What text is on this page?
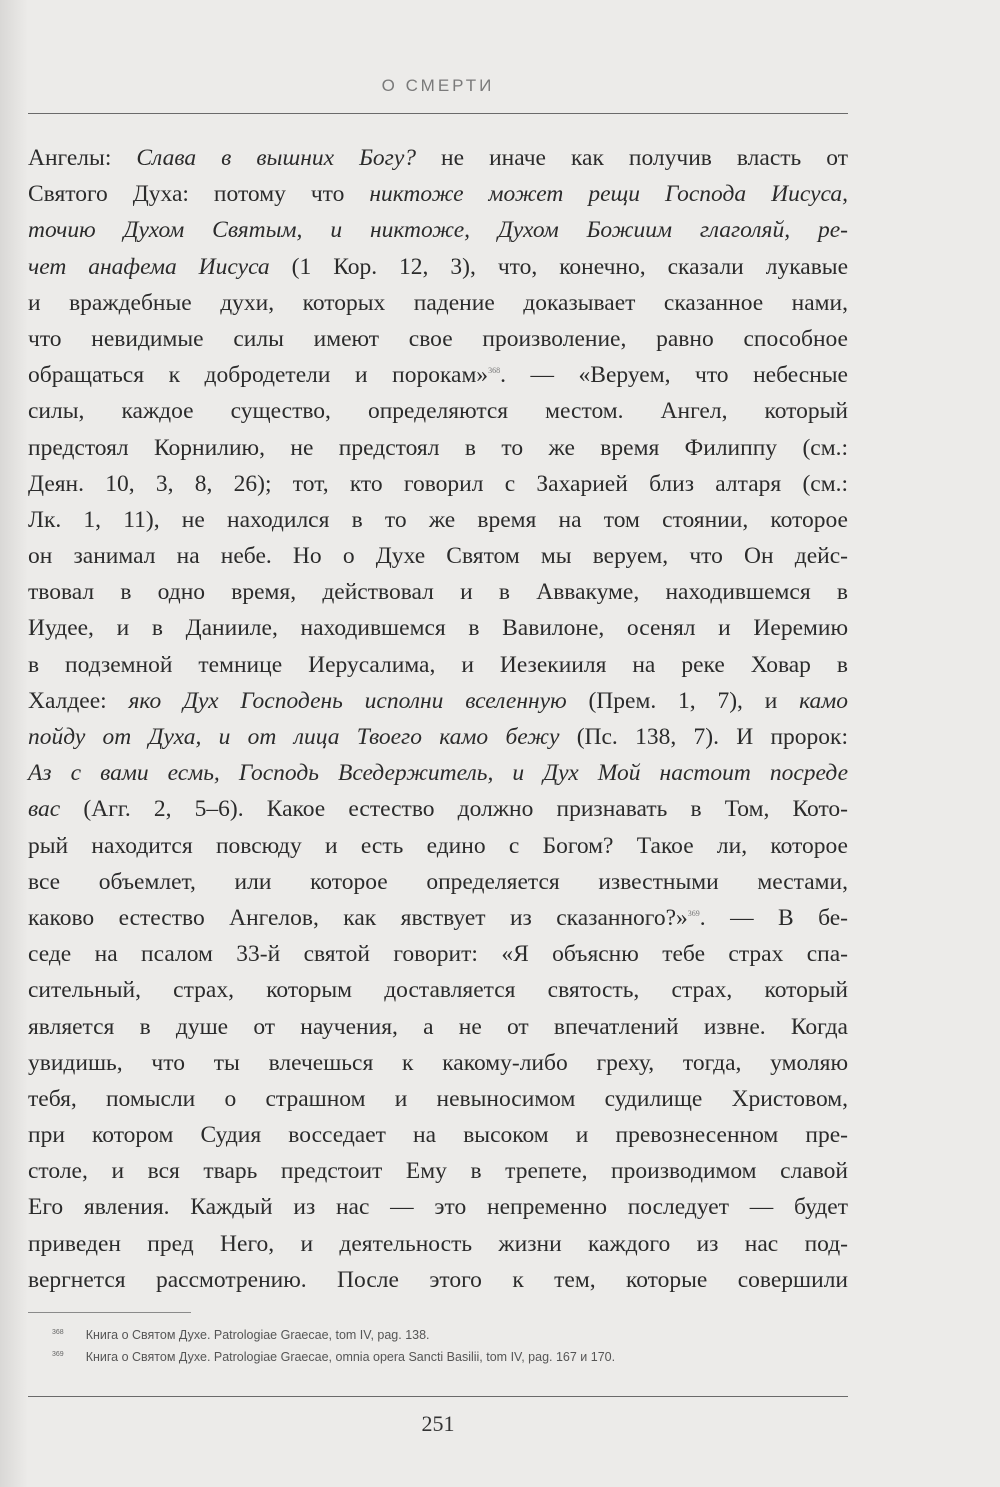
О СМЕРТИ
Ангелы: Слава в вышних Богу? не иначе как получив власть от
Святого Духа: потому что никтоже может рещи Господа Иисуса,
точию Духом Святым, и никтоже, Духом Божиим глаголяй, ре-
чет анафема Иисуса (1 Кор. 12, 3), что, конечно, сказали лукавые
и враждебные духи, которых падение доказывает сказанное нами,
что невидимые силы имеют свое произволение, равно способное
обращаться к добродетели и порокам»$^{368}$. — «Веруем, что небесные
силы, каждое существо, определяются местом. Ангел, который
предстоял Корнилию, не предстоял в то же время Филиппу (см.:
Деян. 10, 3, 8, 26); тот, кто говорил с Захарией близ алтаря (см.:
Лк. 1, 11), не находился в то же время на том стоянии, которое
он занимал на небе. Но о Духе Святом мы веруем, что Он дейс-
твовал в одно время, действовал и в Аввакуме, находившемся в
Иудее, и в Данииле, находившемся в Вавилоне, осенял и Иеремию
в подземной темнице Иерусалима, и Иезекииля на реке Ховар в
Халдее: яко Дух Господень исполни вселенную (Прем. 1, 7), и камо
пойду от Духа, и от лица Твоего камо бежу (Пс. 138, 7). И пророк:
Аз с вами есмь, Господь Вседержитель, и Дух Мой настоит посреде
вас (Агг. 2, 5–6). Какое естество должно признавать в Том, Кото-
рый находится повсюду и есть едино с Богом? Такое ли, которое
все объемлет, или которое определяется известными местами,
каково естество Ангелов, как явствует из сказанного?»$^{369}$. — В бе-
седе на псалом 33-й святой говорит: «Я объясню тебе страх спа-
сительный, страх, которым доставляется святость, страх, который
является в душе от научения, а не от впечатлений извне. Когда
увидишь, что ты влечешься к какому-либо греху, тогда, умоляю
тебя, помысли о страшном и невыносимом судилище Христовом,
при котором Судия восседает на высоком и превознесенном пре-
столе, и вся тварь предстоит Ему в трепете, производимом славой
Его явления. Каждый из нас — это непременно последует — будет
приведен пред Него, и деятельность жизни каждого из нас под-
вергнется рассмотрению. После этого к тем, которые совершили
$^{368}$ Книга о Святом Духе. Patrologiae Graecae, tom IV, pag. 138.
$^{369}$ Книга о Святом Духе. Patrologiae Graecae, omnia opera Sancti Basilii, tom IV, pag. 167 и 170.
251
